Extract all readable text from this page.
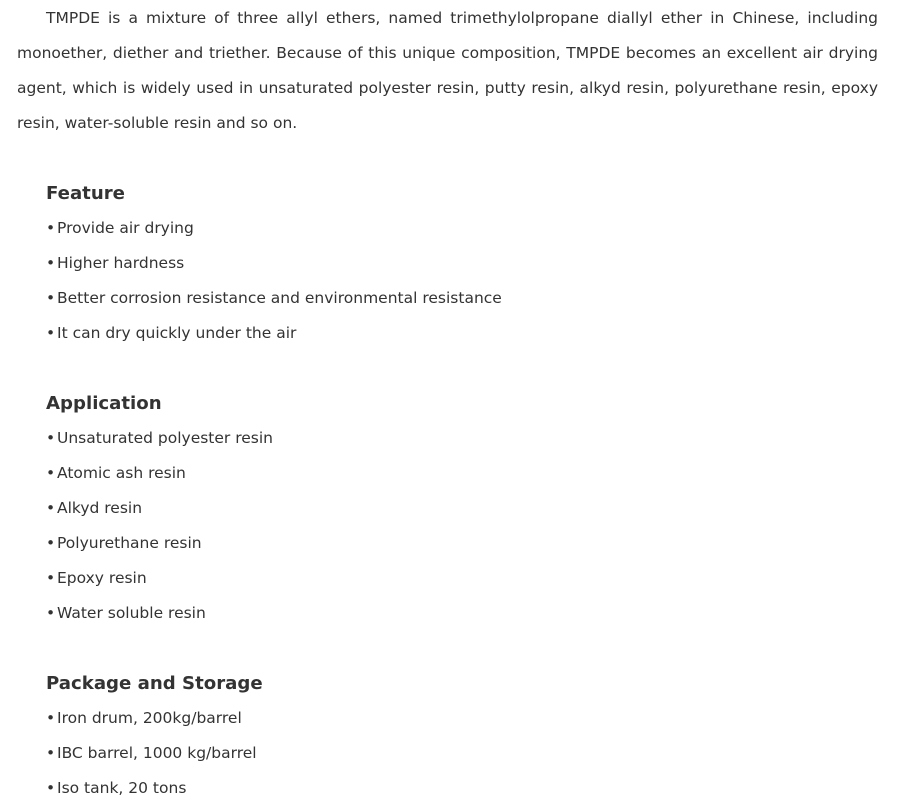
TMPDE is a mixture of three allyl ethers, named trimethylolpropane diallyl ether in Chinese, including monoether, diether and triether. Because of this unique composition, TMPDE becomes an excellent air drying agent, which is widely used in unsaturated polyester resin, putty resin, alkyd resin, polyurethane resin, epoxy resin, water-soluble resin and so on.

Feature
• Provide air drying
• Higher hardness
• Better corrosion resistance and environmental resistance
• It can dry quickly under the air
Application
• Unsaturated polyester resin
• Atomic ash resin
• Alkyd resin
• Polyurethane resin
• Epoxy resin
• Water soluble resin
Package and Storage
• Iron drum, 200kg/barrel
• IBC barrel, 1000 kg/barrel
• Iso tank, 20 tons
